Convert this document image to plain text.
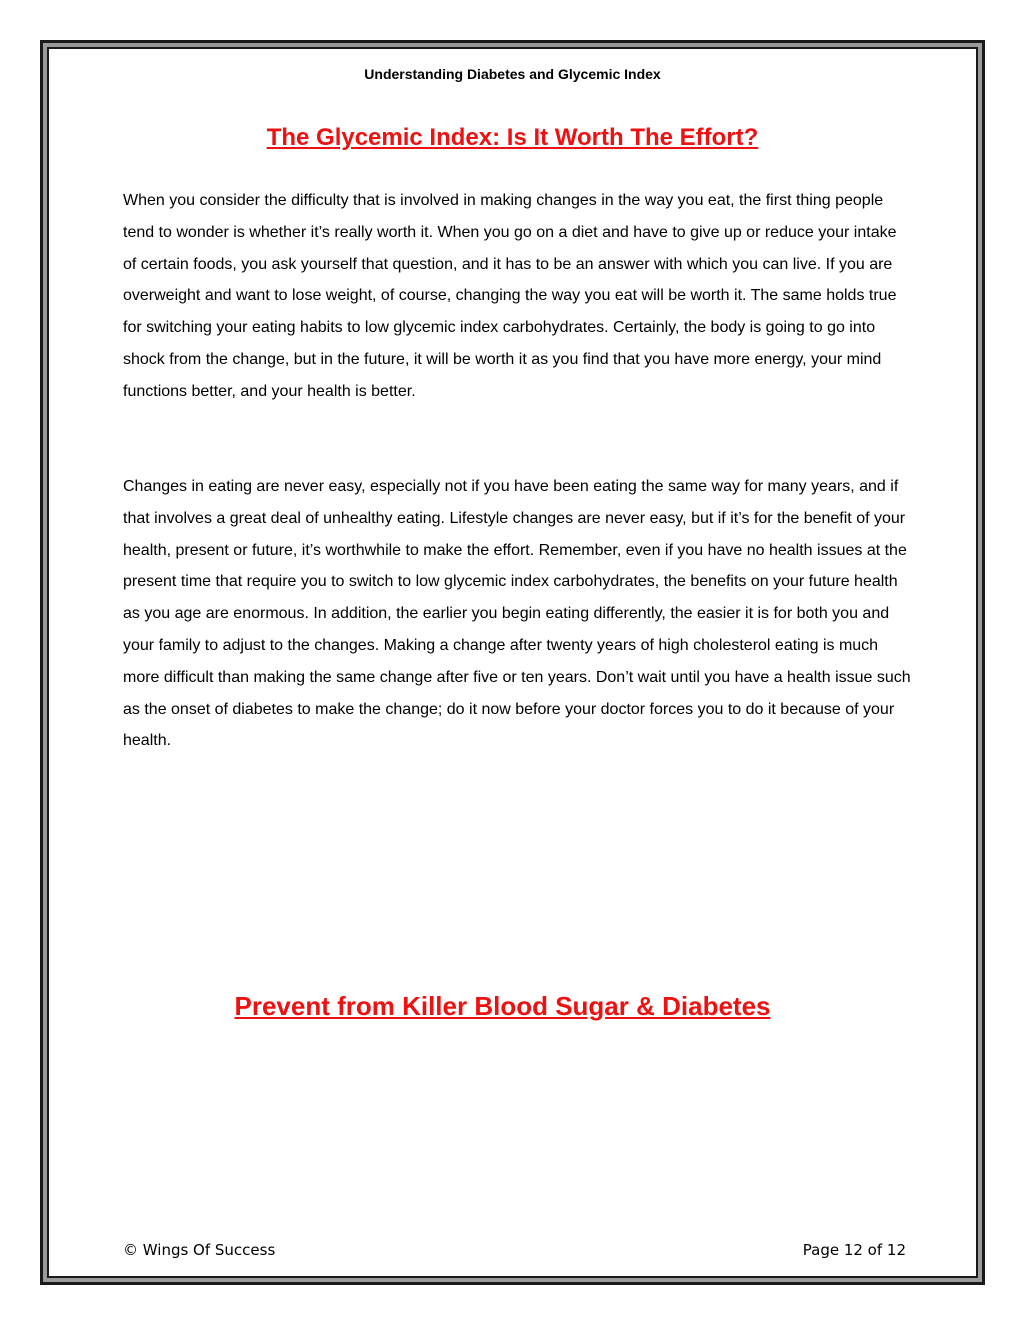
Understanding Diabetes and Glycemic Index
The Glycemic Index: Is It Worth The Effort?

When you consider the difficulty that is involved in making changes in the way you eat, the first thing people tend to wonder is whether it’s really worth it. When you go on a diet and have to give up or reduce your intake of certain foods, you ask yourself that question, and it has to be an answer with which you can live. If you are overweight and want to lose weight, of course, changing the way you eat will be worth it. The same holds true for switching your eating habits to low glycemic index carbohydrates. Certainly, the body is going to go into shock from the change, but in the future, it will be worth it as you find that you have more energy, your mind functions better, and your health is better.

Changes in eating are never easy, especially not if you have been eating the same way for many years, and if that involves a great deal of unhealthy eating. Lifestyle changes are never easy, but if it’s for the benefit of your health, present or future, it’s worthwhile to make the effort. Remember, even if you have no health issues at the present time that require you to switch to low glycemic index carbohydrates, the benefits on your future health as you age are enormous. In addition, the earlier you begin eating differently, the easier it is for both you and your family to adjust to the changes. Making a change after twenty years of high cholesterol eating is much more difficult than making the same change after five or ten years. Don’t wait until you have a health issue such as the onset of diabetes to make the change; do it now before your doctor forces you to do it because of your health.

Prevent from Killer Blood Sugar & Diabetes
© Wings Of Success	Page 12 of 12
